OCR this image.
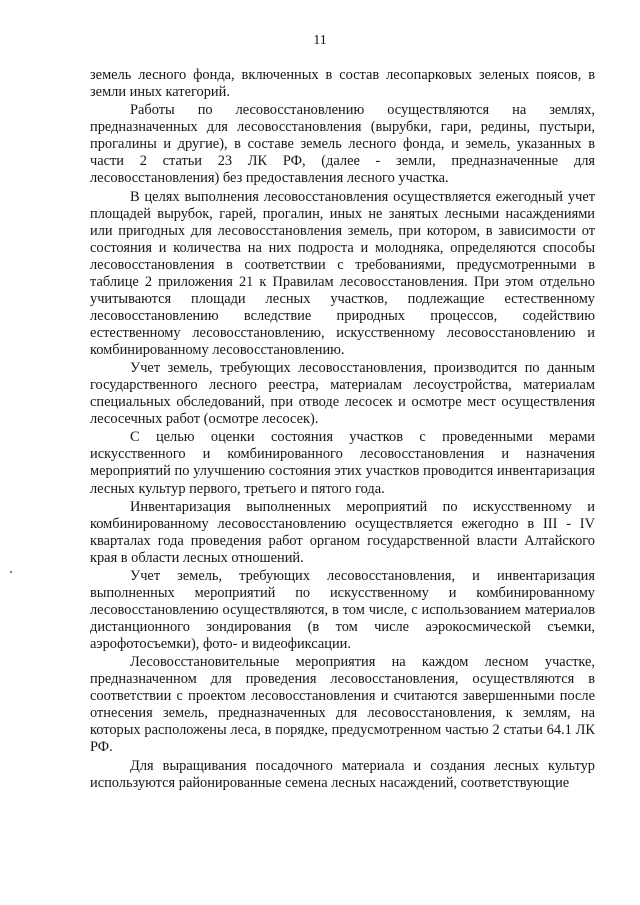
11

земель лесного фонда, включенных в состав лесопарковых зеленых поясов, в земли иных категорий.

Работы по лесовосстановлению осуществляются на землях, предназначенных для лесовосстановления (вырубки, гари, редины, пустыри, прогалины и другие), в составе земель лесного фонда, и земель, указанных в части 2 статьи 23 ЛК РФ, (далее - земли, предназначенные для лесовосстановления) без предоставления лесного участка.

В целях выполнения лесовосстановления осуществляется ежегодный учет площадей вырубок, гарей, прогалин, иных не занятых лесными насаждениями или пригодных для лесовосстановления земель, при котором, в зависимости от состояния и количества на них подроста и молодняка, определяются способы лесовосстановления в соответствии с требованиями, предусмотренными в таблице 2 приложения 21 к Правилам лесовосстановления. При этом отдельно учитываются площади лесных участков, подлежащие естественному лесовосстановлению вследствие природных процессов, содействию естественному лесовосстановлению, искусственному лесовосстановлению и комбинированному лесовосстановлению.

Учет земель, требующих лесовосстановления, производится по данным государственного лесного реестра, материалам лесоустройства, материалам специальных обследований, при отводе лесосек и осмотре мест осуществления лесосечных работ (осмотре лесосек).

С целью оценки состояния участков с проведенными мерами искусственного и комбинированного лесовосстановления и назначения мероприятий по улучшению состояния этих участков проводится инвентаризация лесных культур первого, третьего и пятого года.

Инвентаризация выполненных мероприятий по искусственному и комбинированному лесовосстановлению осуществляется ежегодно в III - IV кварталах года проведения работ органом государственной власти Алтайского края в области лесных отношений.

Учет земель, требующих лесовосстановления, и инвентаризация выполненных мероприятий по искусственному и комбинированному лесовосстановлению осуществляются, в том числе, с использованием материалов дистанционного зондирования (в том числе аэрокосмической съемки, аэрофотосъемки), фото- и видеофиксации.

Лесовосстановительные мероприятия на каждом лесном участке, предназначенном для проведения лесовосстановления, осуществляются в соответствии с проектом лесовосстановления и считаются завершенными после отнесения земель, предназначенных для лесовосстановления, к землям, на которых расположены леса, в порядке, предусмотренном частью 2 статьи 64.1 ЛК РФ.

Для выращивания посадочного материала и создания лесных культур используются районированные семена лесных насаждений, соответствующие
